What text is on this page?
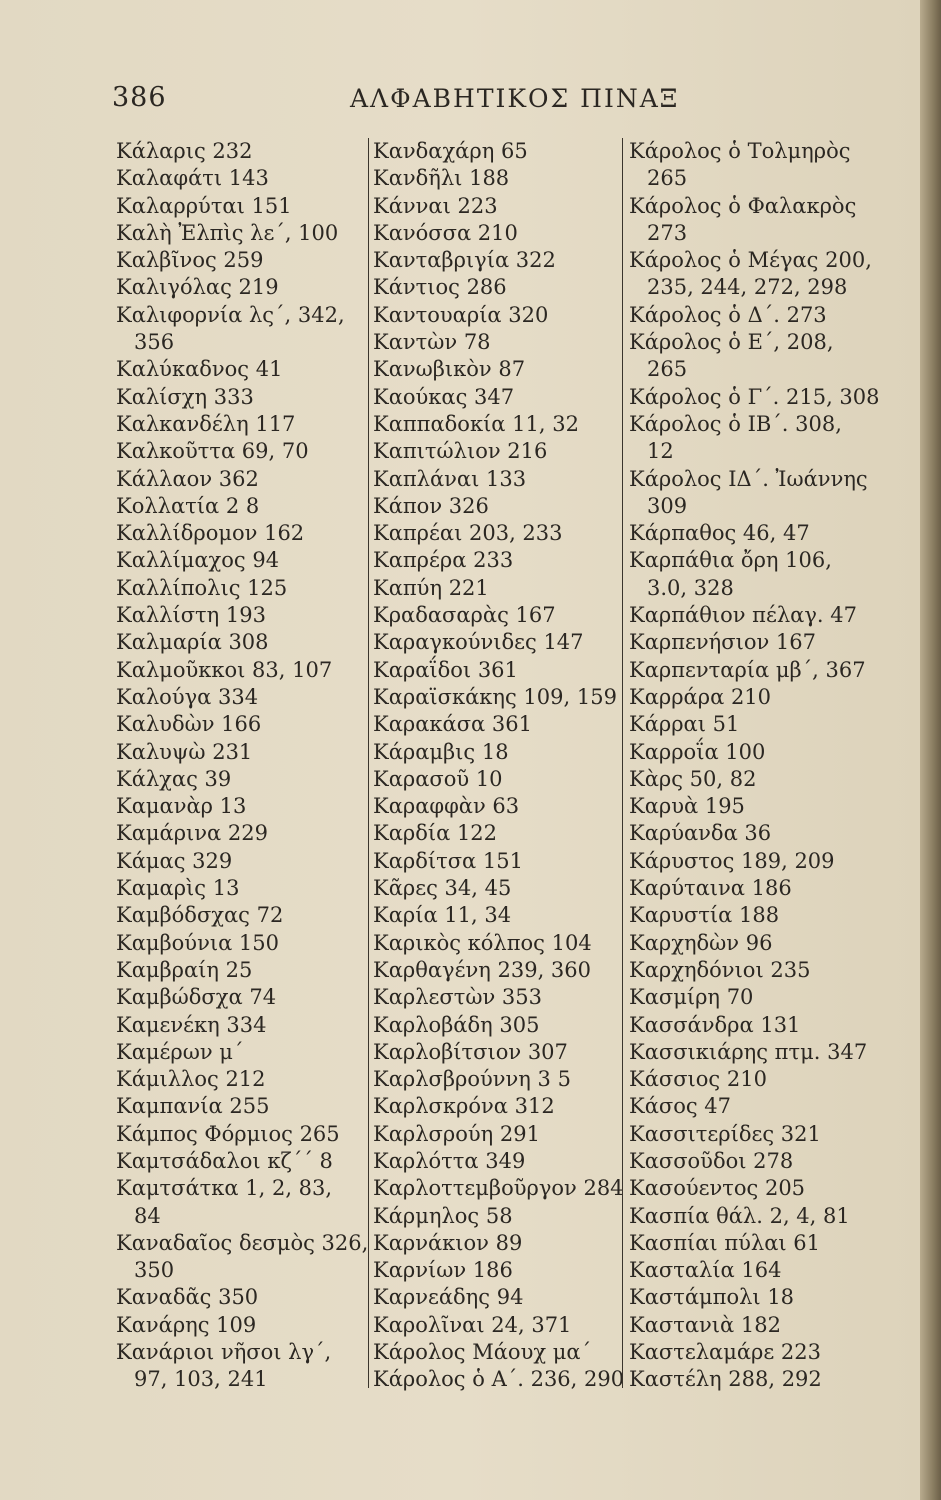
386	ΑΛΦΑΒΗΤΙΚΟΣ ΠΙΝΑΞ
Κάλαρις 232
Καλαφάτι 143
Καλαρρύται 151
Καλὴ Ἐλπὶς λε΄, 100
Καλβῖνος 259
Καλιγόλας 219
Καλιφορνία λς΄, 342,
356
Καλύκαδνος 41
Καλίσχη 333
Καλκανδέλη 117
Καλκοῦττα 69, 70
Κάλλαον 362
Κολλατία 2 8
Καλλίδρομον 162
Καλλίμαχος 94
Καλλίπολις 125
Καλλίστη 193
Καλμαρία 308
Καλμοῦκκοι 83, 107
Καλούγα 334
Καλυδὼν 166
Καλυψὼ 231
Κάλχας 39
Καμανὰρ 13
Καμάρινα 229
Κάμας 329
Καμαρὶς 13
Καμβόδσχας 72
Καμβούνια 150
Καμβραίη 25
Καμβώδσχα 74
Καμενέκη 334
Καμέρων μ΄
Κάμιλλος 212
Καμπανία 255
Κάμπος Φόρμιος 265
Καμτσάδαλοι κζ΄΄ 8
Καμτσάτκα 1, 2, 83,
84
Καναδαῖος δεσμὸς 326,
350
Καναδᾶς 350
Κανάρης 109
Κανάριοι νῆσοι λγ΄,
97, 103, 241
Κανδαχάρη 65
Κανδῆλι 188
Κάνναι 223
Κανόσσα 210
Κανταβριγία 322
Κάντιος 286
Καντουαρία 320
Καντὼν 78
Κανωβικὸν 87
Καούκας 347
Καππαδοκία 11, 32
Καπιτώλιον 216
Καπλάναι 133
Κάπον 326
Καπρέαι 203, 233
Καπρέρα 233
Καπύη 221
Κραδασαρὰς 167
Καραγκούνιδες 147
Καραΐδοι 361
Καραϊσκάκης 109, 159
Καρακάσα 361
Κάραμβις 18
Καρασοῦ 10
Καραφφὰν 63
Καρδία 122
Καρδίτσα 151
Κᾶρες 34, 45
Καρία 11, 34
Καρικὸς κόλπος 104
Καρθαγένη 239, 360
Καρλεστὼν 353
Καρλοβάδη 305
Καρλοβίτσιον 307
Καρλσβρούννη 3 5
Καρλσκρόνα 312
Καρλσρούη 291
Καρλόττα 349
Καρλοττεμβοῦργον 284
Κάρμηλος 58
Καρνάκιον 89
Καρνίων 186
Καρνεάδης 94
Καρολῖναι 24, 371
Κάρολος Μάουχ μα΄
Κάρολος ὁ Α΄. 236, 290
Κάρολος ὁ Τολμηρὸς
265
Κάρολος ὁ Φαλακρὸς
273
Κάρολος ὁ Μέγας 200,
235, 244, 272, 298
Κάρολος ὁ Δ΄. 273
Κάρολος ὁ Ε΄, 208,
265
Κάρολος ὁ Γ΄. 215, 308
Κάρολος ὁ ΙΒ΄. 308,
12
Κάρολος ΙΔ΄. Ἰωάννης
309
Κάρπαθος 46, 47
Καρπάθια ὄρη 106,
3.0, 328
Καρπάθιον πέλαγ. 47
Καρπενήσιον 167
Καρπενταρία μβ΄, 367
Καρράρα 210
Κάρραι 51
Καρροΐα 100
Κὰρς 50, 82
Καρυὰ 195
Καρύανδα 36
Κάρυστος 189, 209
Καρύταινα 186
Καρυστία 188
Καρχηδὼν 96
Καρχηδόνιοι 235
Κασμίρη 70
Κασσάνδρα 131
Κασσικιάρης πτμ. 347
Κάσσιος 210
Κάσος 47
Κασσιτερίδες 321
Κασσοῦδοι 278
Κασούεντος 205
Κασπία θάλ. 2, 4, 81
Κασπίαι πύλαι 61
Κασταλία 164
Καστάμπολι 18
Καστανιὰ 182
Καστελαμάρε 223
Καστέλη 288, 292
